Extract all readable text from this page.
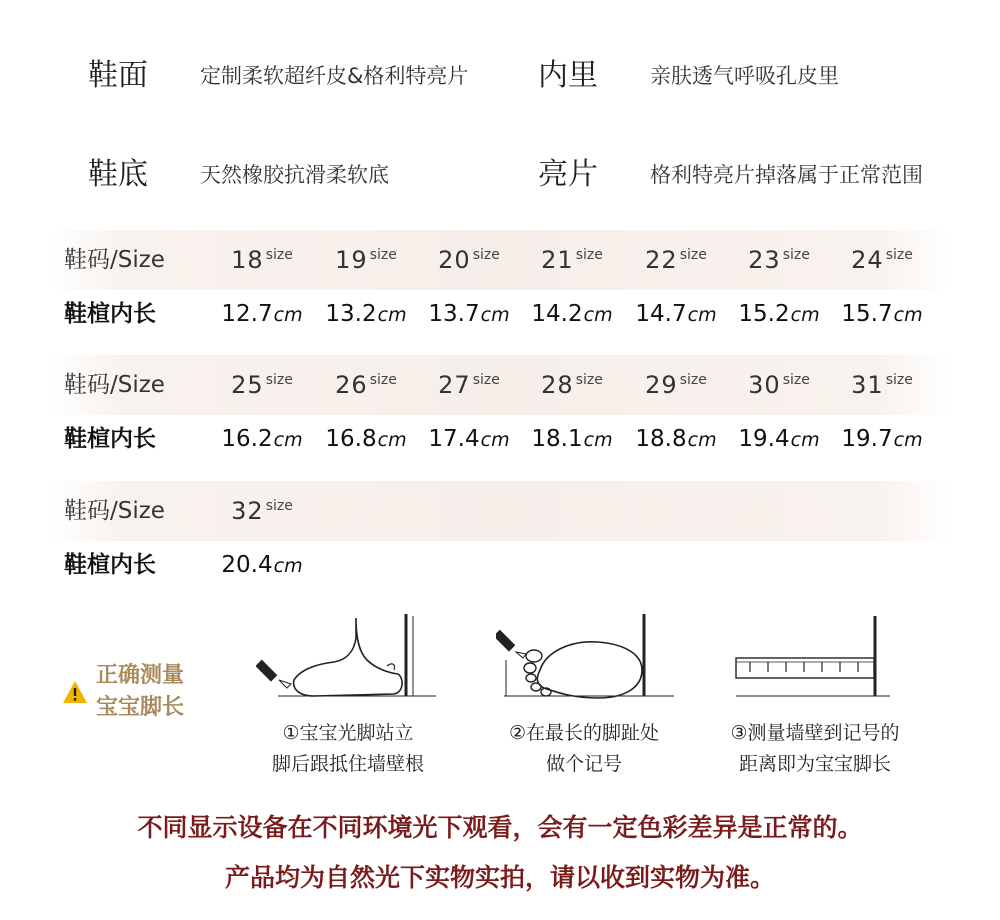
鞋面 定制柔软超纤皮&格利特亮片 内里 亲肤透气呼吸孔皮里
鞋底 天然橡胶抗滑柔软底	亮片 格利特亮片掉落属于正常范围
鞋码/Size	18 size	19 size	20 size	21 size	22 size	23 size	24 size
鞋楦内长	12.7cm 13.2cm 13.7cm 14.2cm 14.7cm 15.2cm 15.7cm
鞋码/Size	25 size	26 size	27 size	28 size	29 size	30 size	31 size
鞋楦内长	16.2cm 16.8cm 17.4cm 18.1cm 18.8cm 19.4cm 19.7cm
鞋码/Size	32 size
鞋楦内长	20.4cm
正确测量
宝宝脚长
①宝宝光脚站立
脚后跟抵住墙壁根
②在最长的脚趾处
做个记号
③测量墙壁到记号的
距离即为宝宝脚长
不同显示设备在不同环境光下观看，会有一定色彩差异是正常的。
产品均为自然光下实物实拍，请以收到实物为准。
